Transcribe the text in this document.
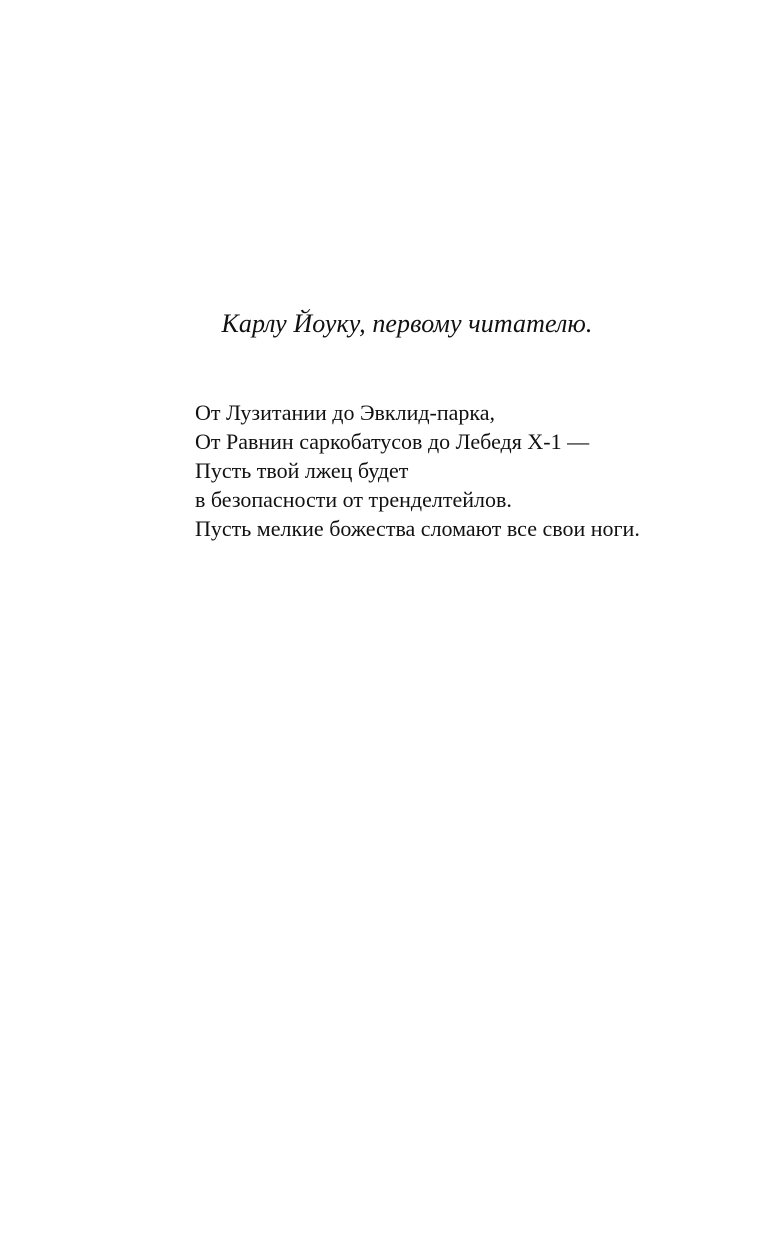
Карлу Йоуку, первому читателю.
От Лузитании до Эвклид-парка,
От Равнин саркобатусов до Лебедя Х-1 —
Пусть твой лжец будет
в безопасности от тренделтейлов.
Пусть мелкие божества сломают все свои ноги.
